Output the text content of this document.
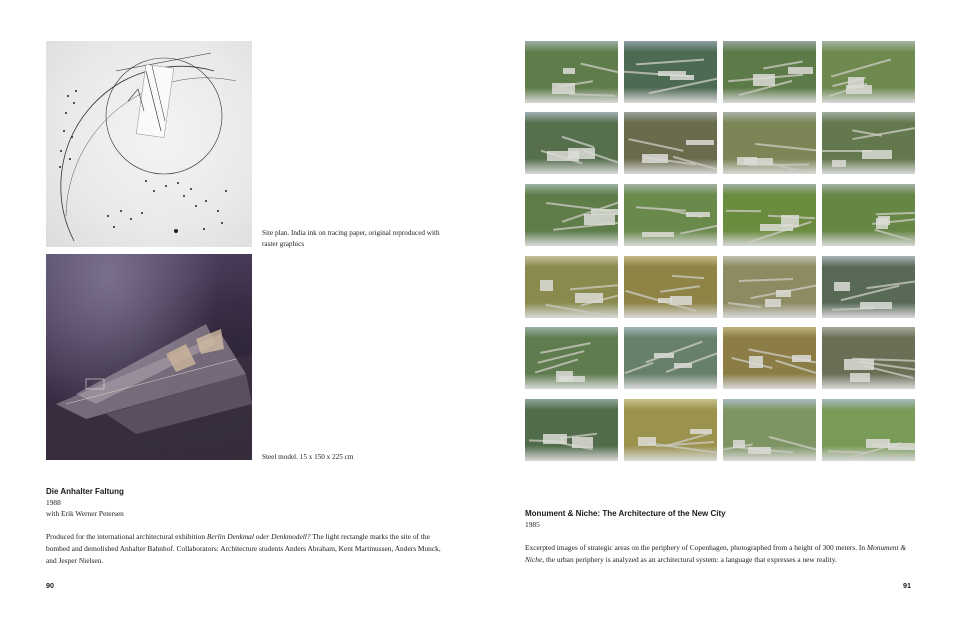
Site plan. India ink on tracing paper, original reproduced with raster graphics
Steel model. 15 x 150 x 225 cm
Die Anhalter Faltung
1988
with Erik Werner Petersen
Produced for the international architectural exhibition Berlin Denkmal oder Denkmodell? The light rectangle marks the site of the bombed and demolished Anhalter Bahnhof. Collaborators: Architecture students Anders Abraham, Kent Martinussen, Anders Munck, and Jesper Nielsen.
90
Monument & Niche: The Architecture of the New City
1985
Excerpted images of strategic areas on the periphery of Copenhagen, photographed from a height of 300 meters. In Monument & Niche, the urban periphery is analyzed as an architectural system: a language that expresses a new reality.
91
